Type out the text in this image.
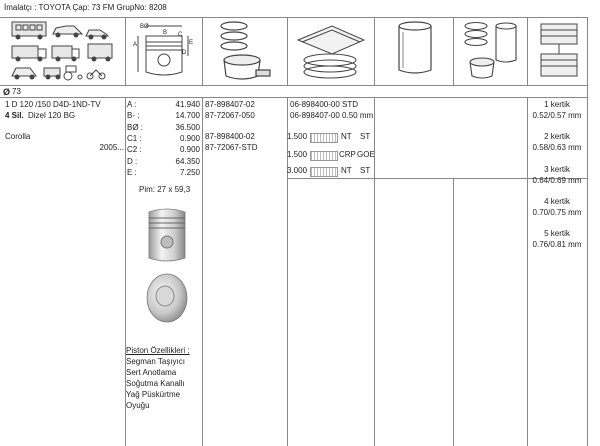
İmalatçı : TOYOTA Çap: 73 FM GrupNo: 8208
BØ
A
D
E
B C
Ø 73
1 D 120 /150 D4D-1ND-TV
4 Sil. Dizel 120 BG
Corolla
2005...
A :	41.940
B- :	14.700
BØ :	36.500
C1 :	0.900
C2 :	0.900
D :	64.350
E :	7.250
Pim: 27 x 59,3
Piston Özellikleri :
Segman Taşıyıcı
Sert Anotlama
Soğutma Kanallı
Yağ Püskürtme
Oyuğu
87-898407-02
87-72067-050
87-898400-02
87-72067-STD
06-898400-00 STD
06-898407-00 0.50 mm
1.500	NT ST
1.500	CRP GOE
3.000	NT ST
1 kertik
0.52/0.57 mm
2 kertik
0.58/0.63 mm
3 kertik
0.64/0.69 mm
4 kertik
0.70/0.75 mm
5 kertik
0.76/0.81 mm
